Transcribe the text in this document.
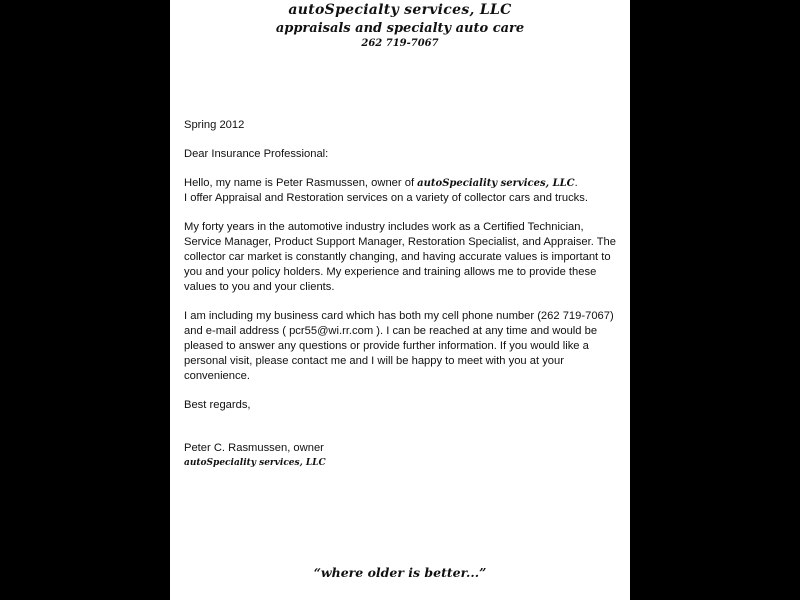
autoSpecialty services, LLC
appraisals and specialty auto care
262 719-7067

Spring 2012

Dear Insurance Professional:

Hello, my name is Peter Rasmussen, owner of autoSpeciality services, LLC.
I offer Appraisal and Restoration services on a variety of collector cars and trucks.

My forty years in the automotive industry includes work as a Certified Technician, Service Manager, Product Support Manager, Restoration Specialist, and Appraiser. The collector car market is constantly changing, and having accurate values is important to you and your policy holders. My experience and training allows me to provide these values to you and your clients.

I am including my business card which has both my cell phone number (262 719-7067) and e-mail address ( pcr55@wi.rr.com ). I can be reached at any time and would be pleased to answer any questions or provide further information. If you would like a personal visit, please contact me and I will be happy to meet with you at your convenience.

Best regards,

Peter C. Rasmussen, owner
autoSpeciality services, LLC
“where older is better...”
